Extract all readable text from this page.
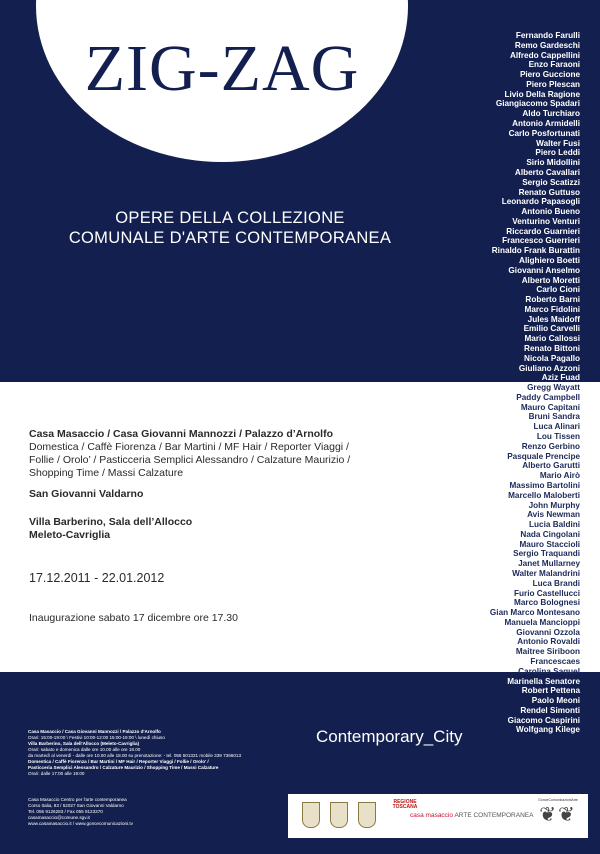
ZIG-ZAG
OPERE DELLA COLLEZIONE
COMUNALE D'ARTE CONTEMPORANEA
Fernando Farulli
Remo Gardeschi
Alfredo Cappellini
Enzo Faraoni
Piero Guccione
Piero Plescan
Livio Della Ragione
Giangiacomo Spadari
Aldo Turchiaro
Antonio Armidelli
Carlo Posfortunati
Walter Fusi
Piero Leddi
Sirio Midollini
Alberto Cavallari
Sergio Scatizzi
Renato Guttuso
Leonardo Papasogli
Antonio Bueno
Venturino Venturi
Riccardo Guarnieri
Francesco Guerrieri
Rinaldo Frank Burattin
Alighiero Boetti
Giovanni Anselmo
Alberto Moretti
Carlo Cioni
Roberto Barni
Marco Fidolini
Jules Maidoff
Emilio Carvelli
Mario Callossi
Renato Bittoni
Nicola Pagallo
Giuliano Azzoni
Aziz Fuad
Gregg Wayatt
Paddy Campbell
Mauro Capitani
Bruni Sandra
Luca Alinari
Lou Tissen
Renzo Gerbino
Pasquale Prencipe
Alberto Garutti
Mario Airò
Massimo Bartolini
Marcello Maloberti
John Murphy
Avis Newman
Lucia Baldini
Nada Cingolani
Mauro Staccioli
Sergio Traquandi
Janet Mullarney
Walter Malandrini
Luca Brandi
Furio Castellucci
Marco Bolognesi
Gian Marco Montesano
Manuela Mancioppi
Giovanni Ozzola
Antonio Rovaldi
Maitree Siriboon
Francescaes
Carolina Saquel
Marinella Senatore
Robert Pettena
Paolo Meoni
Rendel Simonti
Giacomo Caspirini
Wolfgang Kilege
Casa Masaccio / Casa Giovanni Mannozzi / Palazzo d’Arnolfo
Domestica / Caffè Fiorenza / Bar Martini / MF Hair / Reporter Viaggi /
Follie / Orolo’ / Pasticceria Semplici Alessandro / Calzature Maurizio /
Shopping Time / Massi Calzature
San Giovanni Valdarno
Villa Barberino, Sala dell’Allocco
Meleto-Cavriglia
17.12.2011 - 22.01.2012
Inaugurazione sabato 17 dicembre ore 17.30
Casa Masaccio / Casa Giovanni Mannozzi / Palazzo d'Arnolfo
Orari: 15:00-19:00 \ Festivi 10:00-12:00 15:00-19:00 \ lunedì chiuso
Villa Barberino, Sala dell'Allocco (Meleto-Cavriglia)
Orari: sabato e domenica dalle ore 10.00 alle ore 18.00
da martedì al venerdì - dalle ore 10.00 alle 18.00 su prenotazione: - tel. 055 501321 mobile 339 7366013
Domestica / Caffè Fiorenza / Bar Martini / MF Hair / Reporter Viaggi / Follie / Orolo' /
Pasticceria Semplici Alessandro / Calzature Maurizio / Shopping Time / Massi Calzature
Orari: dalle 17:00 alle 19:00
Casa Masaccio Centro per l'arte contemporanea
Corso Italia, 83 / 52027 San Giovanni Valdarno
Tel. 055 9126283 / Fax 055 9123370
casamasaccio@comune.sgv.it
www.casamasaccio.it / www.goncecomunicazioni.tv
Contemporary_City
REGIONE
TOSCANA
casa masaccio ARTE CONTEMPORANEA
GonceComunicazioniArte
❦❦
